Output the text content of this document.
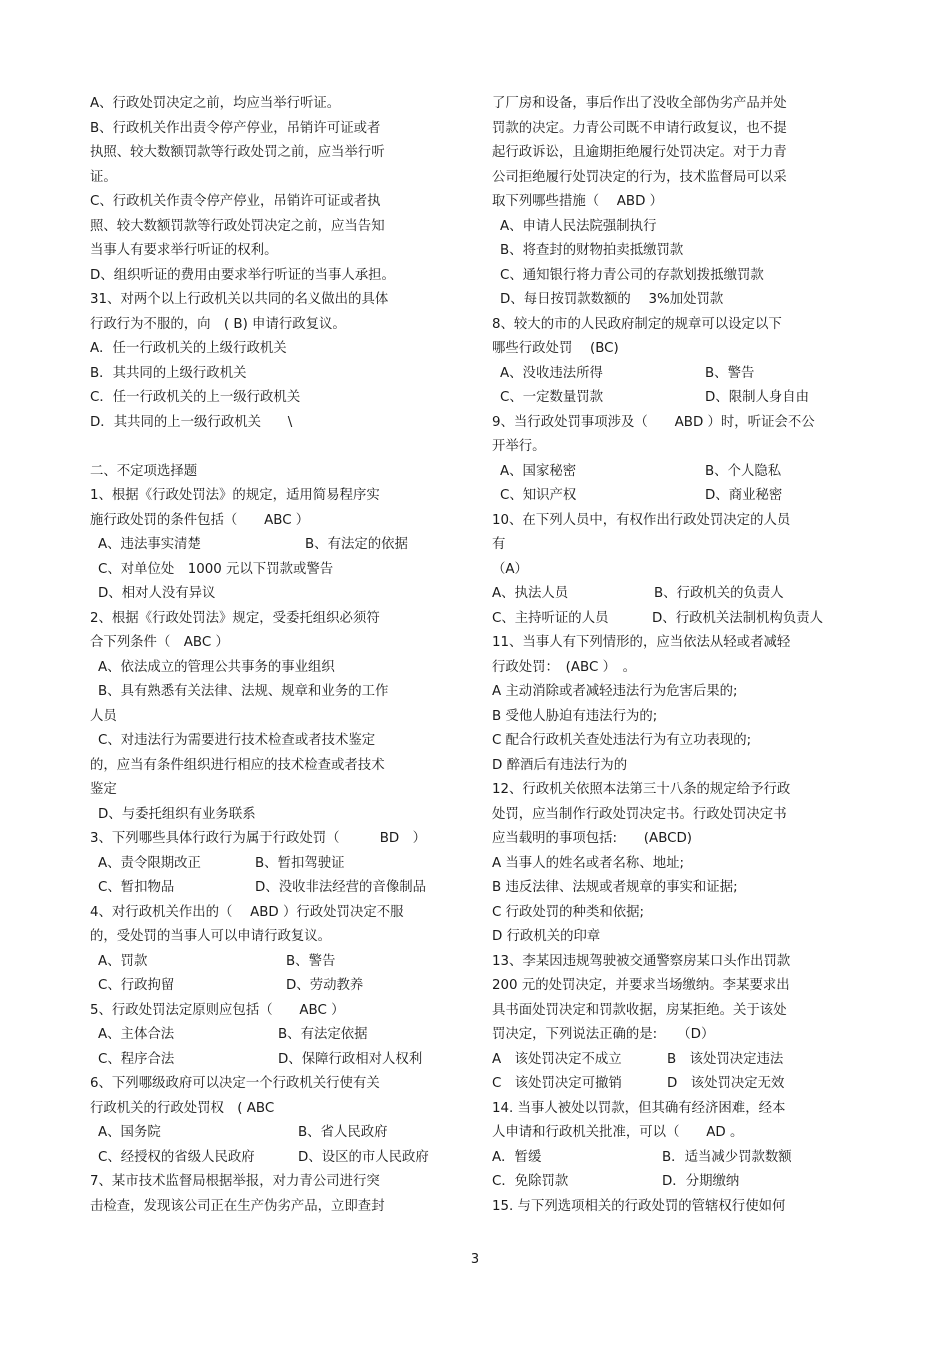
A、行政处罚决定之前，均应当举行听证。
B、行政机关作出责令停产停业，吊销许可证或者
执照、较大数额罚款等行政处罚之前，应当举行听
证。
C、行政机关作责令停产停业，吊销许可证或者执
照、较大数额罚款等行政处罚决定之前，应当告知
当事人有要求举行听证的权利。
D、组织听证的费用由要求举行听证的当事人承担。
31、对两个以上行政机关以共同的名义做出的具体
行政行为不服的，向　( B) 申请行政复议。
A．任一行政机关的上级行政机关
B．其共同的上级行政机关
C．任一行政机关的上一级行政机关
D．其共同的上一级行政机关　　\
二、不定项选择题
1、根据《行政处罚法》的规定，适用简易程序实
施行政处罚的条件包括（　　ABC ）
A、违法事实清楚	B、有法定的依据
C、对单位处　1000 元以下罚款或警告
D、相对人没有异议
2、根据《行政处罚法》规定，受委托组织必须符
合下列条件（　ABC ）
A、依法成立的管理公共事务的事业组织
B、具有熟悉有关法律、法规、规章和业务的工作
人员
C、对违法行为需要进行技术检查或者技术鉴定
的，应当有条件组织进行相应的技术检查或者技术
鉴定
D、与委托组织有业务联系
3、下列哪些具体行政行为属于行政处罚（　　　BD　）
A、责令限期改正	B、暂扣驾驶证
C、暂扣物品	D、没收非法经营的音像制品
4、对行政机关作出的（　 ABD ）行政处罚决定不服
的，受处罚的当事人可以申请行政复议。
A、罚款	B、警告
C、行政拘留	D、劳动教养
5、行政处罚法定原则应包括（　　ABC ）
A、主体合法	B、有法定依据
C、程序合法	D、保障行政相对人权利
6、下列哪级政府可以决定一个行政机关行使有关
行政机关的行政处罚权　( ABC
A、国务院	B、省人民政府
C、经授权的省级人民政府	D、设区的市人民政府
7、某市技术监督局根据举报，对力青公司进行突
击检查，发现该公司正在生产伪劣产品，立即查封
了厂房和设备，事后作出了没收全部伪劣产品并处
罚款的决定。力青公司既不申请行政复议，也不提
起行政诉讼，且逾期拒绝履行处罚决定。对于力青
公司拒绝履行处罚决定的行为，技术监督局可以采
取下列哪些措施（　 ABD ）
A、申请人民法院强制执行
B、将查封的财物拍卖抵缴罚款
C、通知银行将力青公司的存款划拨抵缴罚款
D、每日按罚款数额的　 3%加处罚款
8、较大的市的人民政府制定的规章可以设定以下
哪些行政处罚　 (BC)
A、没收违法所得	B、警告
C、一定数量罚款	D、限制人身自由
9、当行政处罚事项涉及（　　ABD ）时，听证会不公
开举行。
A、国家秘密	B、个人隐私
C、知识产权	D、商业秘密
10、在下列人员中，有权作出行政处罚决定的人员
有
（A）
A、执法人员	B、行政机关的负责人
C、主持听证的人员	D、行政机关法制机构负责人
11、当事人有下列情形的，应当依法从轻或者减轻
行政处罚：　(ABC ）　。
A 主动消除或者减轻违法行为危害后果的;
B 受他人胁迫有违法行为的;
C 配合行政机关查处违法行为有立功表现的;
D 醉酒后有违法行为的
12、行政机关依照本法第三十八条的规定给予行政
处罚，应当制作行政处罚决定书。行政处罚决定书
应当载明的事项包括:　　(ABCD)
A 当事人的姓名或者名称、地址;
B 违反法律、法规或者规章的事实和证据;
C 行政处罚的种类和依据;
D 行政机关的印章
13、李某因违规驾驶被交通警察房某口头作出罚款
200 元的处罚决定，并要求当场缴纳。李某要求出
具书面处罚决定和罚款收据，房某拒绝。关于该处
罚决定，下列说法正确的是:　　（D）
A　该处罚决定不成立	B　该处罚决定违法
C　该处罚决定可撤销	D　该处罚决定无效
14. 当事人被处以罚款，但其确有经济困难，经本
人申请和行政机关批准，可以（　　AD 。
A．暂缓	B．适当减少罚款数额
C．免除罚款	D．分期缴纳
15. 与下列选项相关的行政处罚的管辖权行使如何
3
